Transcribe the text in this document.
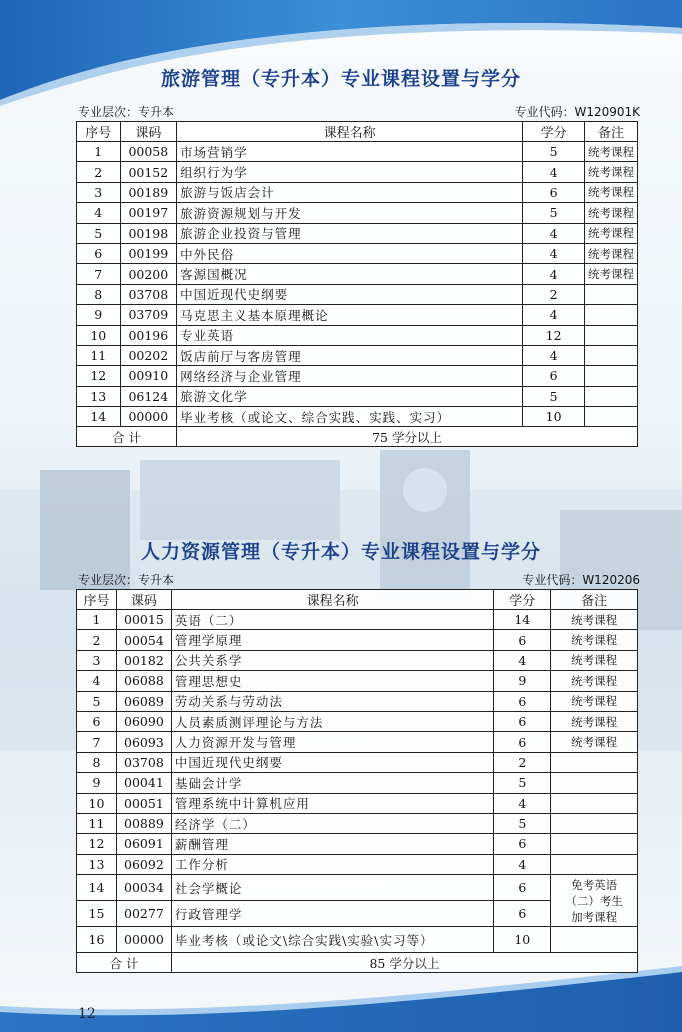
旅游管理（专升本）专业课程设置与学分
专业层次：专升本	专业代码：W120901K
序号	课码	课程名称	学分	备注
1	00058	市场营销学	5	统考课程
2	00152	组织行为学	4	统考课程
3	00189	旅游与饭店会计	6	统考课程
4	00197	旅游资源规划与开发	5	统考课程
5	00198	旅游企业投资与管理	4	统考课程
6	00199	中外民俗	4	统考课程
7	00200	客源国概况	4	统考课程
8	03708	中国近现代史纲要	2	
9	03709	马克思主义基本原理概论	4	
10	00196	专业英语	12	
11	00202	饭店前厅与客房管理	4	
12	00910	网络经济与企业管理	6	
13	06124	旅游文化学	5	
14	00000	毕业考核（或论文、综合实践、实践、实习）	10	
合 计		75 学分以上		
人力资源管理（专升本）专业课程设置与学分
专业层次：专升本	专业代码：W120206
序号	课码	课程名称	学分	备注
1	00015	英语（二）	14	统考课程
2	00054	管理学原理	6	统考课程
3	00182	公共关系学	4	统考课程
4	06088	管理思想史	9	统考课程
5	06089	劳动关系与劳动法	6	统考课程
6	06090	人员素质测评理论与方法	6	统考课程
7	06093	人力资源开发与管理	6	统考课程
8	03708	中国近现代史纲要	2	
9	00041	基础会计学	5	
10	00051	管理系统中计算机应用	4	
11	00889	经济学（二）	5	
12	06091	薪酬管理	6	
13	06092	工作分析	4	
14	00034	社会学概论	6	免考英语
（二）考生
加考课程

15	00277	行政管理学	6	
16	00000	毕业考核（或论文\综合实践\实验\实习等）	10	
合 计		85 学分以上		
12
